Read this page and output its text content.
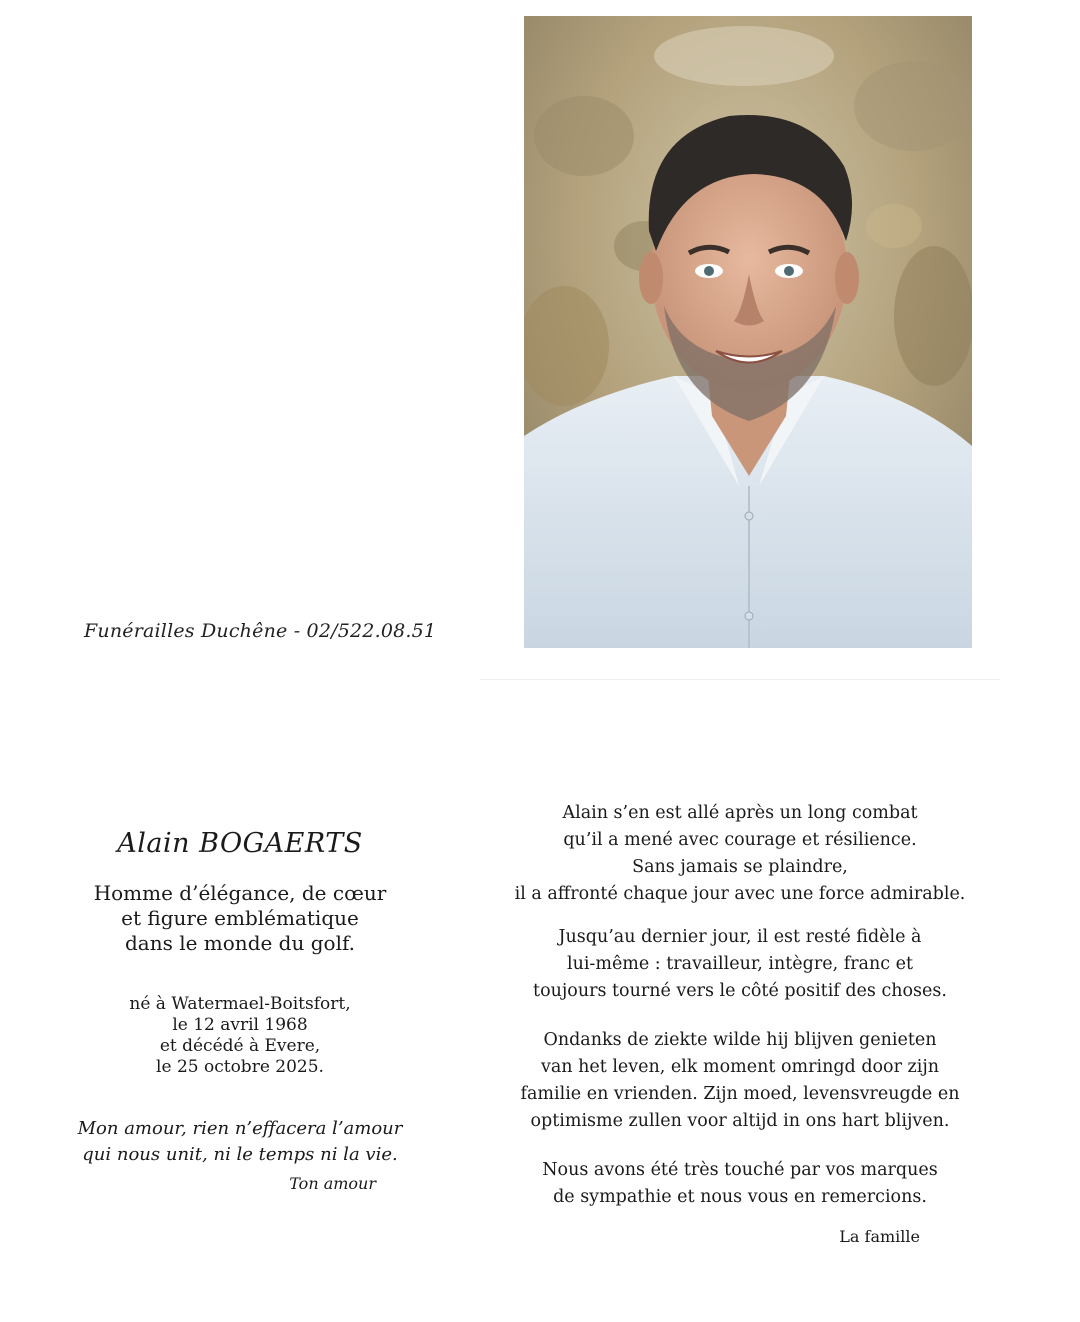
Funérailles Duchêne - 02/522.08.51
Alain BOGAERTS
Homme d’élégance, de cœur
et figure emblématique
dans le monde du golf.
né à Watermael-Boitsfort,
le 12 avril 1968
et décédé à Evere,
le 25 octobre 2025.
Mon amour, rien n’effacera l’amour
qui nous unit, ni le temps ni la vie.
Ton amour
Alain s’en est allé après un long combat
qu’il a mené avec courage et résilience.
Sans jamais se plaindre,
il a affronté chaque jour avec une force admirable.
Jusqu’au dernier jour, il est resté fidèle à
lui-même : travailleur, intègre, franc et
toujours tourné vers le côté positif des choses.
Ondanks de ziekte wilde hij blijven genieten
van het leven, elk moment omringd door zijn
familie en vrienden. Zijn moed, levensvreugde en
optimisme zullen voor altijd in ons hart blijven.
Nous avons été très touché par vos marques
de sympathie et nous vous en remercions.
La famille
